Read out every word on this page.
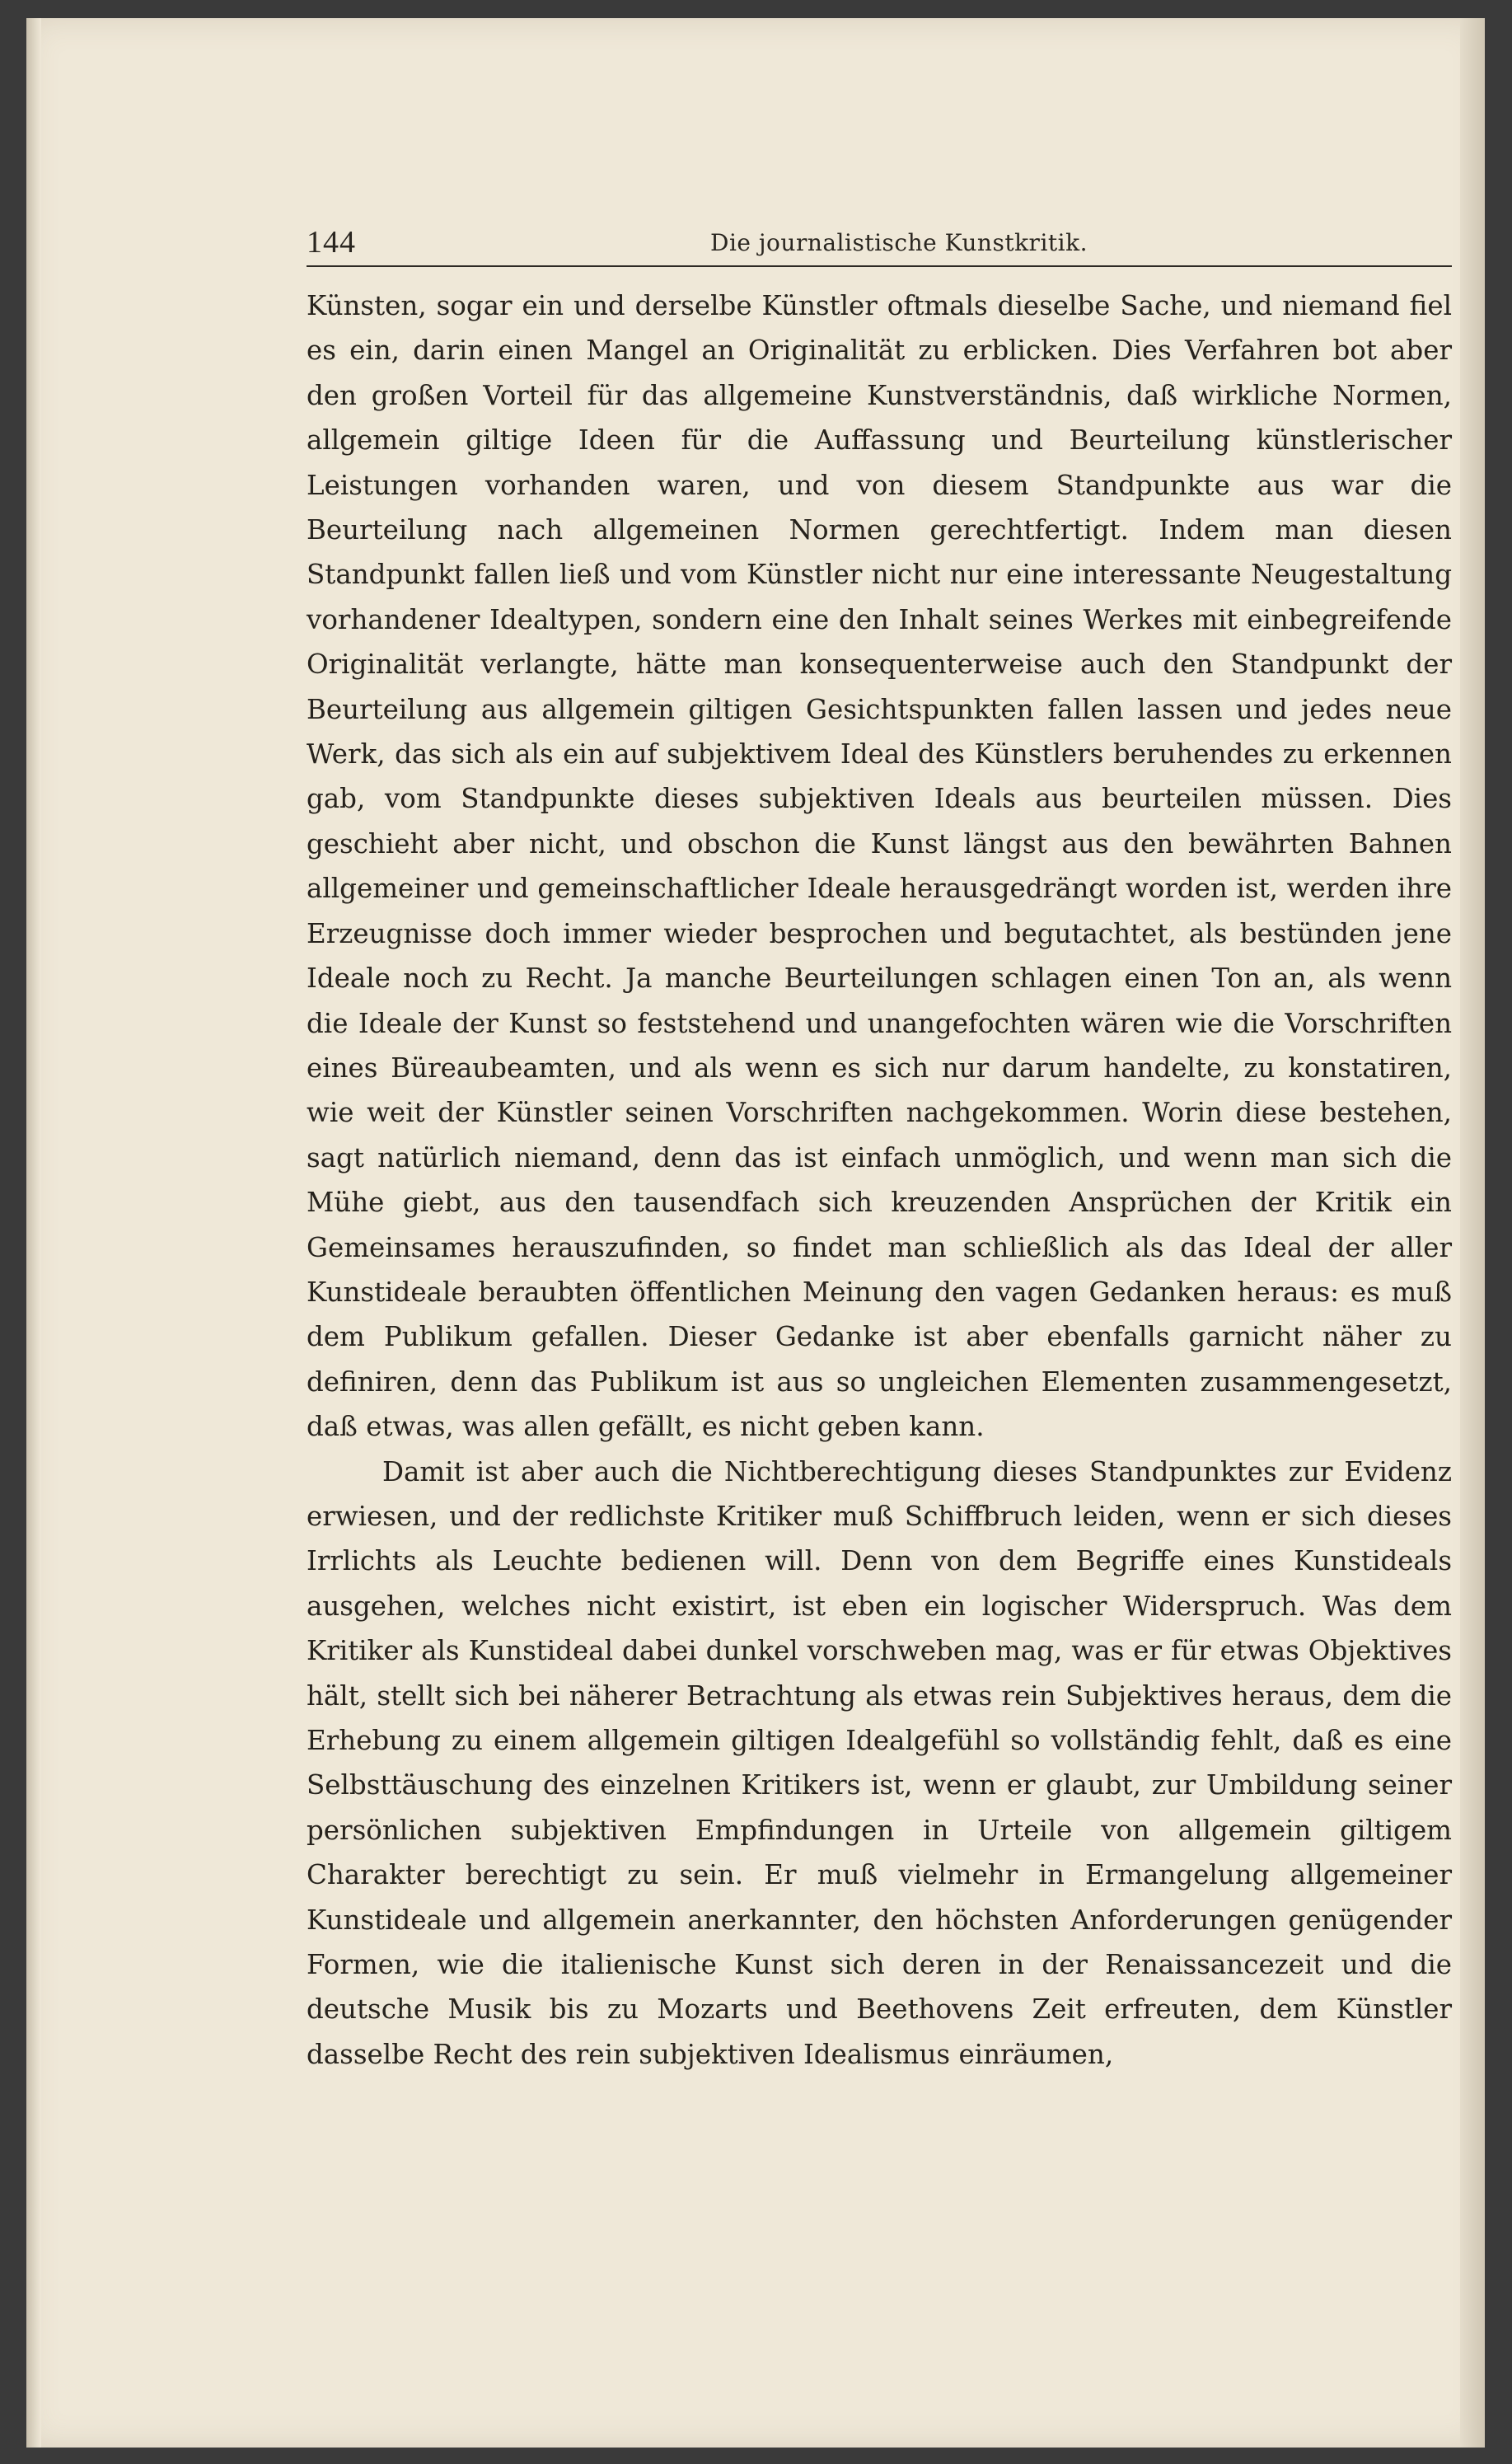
144	Die journalistische Kunstkritik.

Künsten, sogar ein und derselbe Künstler oftmals dieselbe Sache, und niemand fiel es ein, darin einen Mangel an Originalität zu erblicken. Dies Verfahren bot aber den großen Vorteil für das allgemeine Kunstverständnis, daß wirkliche Normen, allgemein giltige Ideen für die Auffassung und Beurteilung künstlerischer Leistungen vorhanden waren, und von diesem Standpunkte aus war die Beurteilung nach allgemeinen Normen gerechtfertigt. Indem man diesen Standpunkt fallen ließ und vom Künstler nicht nur eine interessante Neugestaltung vorhandener Idealtypen, sondern eine den Inhalt seines Werkes mit einbegreifende Originalität verlangte, hätte man konsequenterweise auch den Standpunkt der Beurteilung aus allgemein giltigen Gesichtspunkten fallen lassen und jedes neue Werk, das sich als ein auf subjektivem Ideal des Künstlers beruhendes zu erkennen gab, vom Standpunkte dieses subjektiven Ideals aus beurteilen müssen. Dies geschieht aber nicht, und obschon die Kunst längst aus den bewährten Bahnen allgemeiner und gemeinschaftlicher Ideale herausgedrängt worden ist, werden ihre Erzeugnisse doch immer wieder besprochen und begutachtet, als bestünden jene Ideale noch zu Recht. Ja manche Beurteilungen schlagen einen Ton an, als wenn die Ideale der Kunst so feststehend und unangefochten wären wie die Vorschriften eines Büreaubeamten, und als wenn es sich nur darum handelte, zu konstatiren, wie weit der Künstler seinen Vorschriften nachgekommen. Worin diese bestehen, sagt natürlich niemand, denn das ist einfach unmöglich, und wenn man sich die Mühe giebt, aus den tausendfach sich kreuzenden Ansprüchen der Kritik ein Gemeinsames herauszufinden, so findet man schließlich als das Ideal der aller Kunstideale beraubten öffentlichen Meinung den vagen Gedanken heraus: es muß dem Publikum gefallen. Dieser Gedanke ist aber ebenfalls garnicht näher zu definiren, denn das Publikum ist aus so ungleichen Elementen zusammengesetzt, daß etwas, was allen gefällt, es nicht geben kann.

Damit ist aber auch die Nichtberechtigung dieses Standpunktes zur Evidenz erwiesen, und der redlichste Kritiker muß Schiffbruch leiden, wenn er sich dieses Irrlichts als Leuchte bedienen will. Denn von dem Begriffe eines Kunstideals ausgehen, welches nicht existirt, ist eben ein logischer Widerspruch. Was dem Kritiker als Kunstideal dabei dunkel vorschweben mag, was er für etwas Objektives hält, stellt sich bei näherer Betrachtung als etwas rein Subjektives heraus, dem die Erhebung zu einem allgemein giltigen Idealgefühl so vollständig fehlt, daß es eine Selbsttäuschung des einzelnen Kritikers ist, wenn er glaubt, zur Umbildung seiner persönlichen subjektiven Empfindungen in Urteile von allgemein giltigem Charakter berechtigt zu sein. Er muß vielmehr in Ermangelung allgemeiner Kunstideale und allgemein anerkannter, den höchsten Anforderungen genügender Formen, wie die italienische Kunst sich deren in der Renaissancezeit und die deutsche Musik bis zu Mozarts und Beethovens Zeit erfreuten, dem Künstler dasselbe Recht des rein subjektiven Idealismus einräumen,
